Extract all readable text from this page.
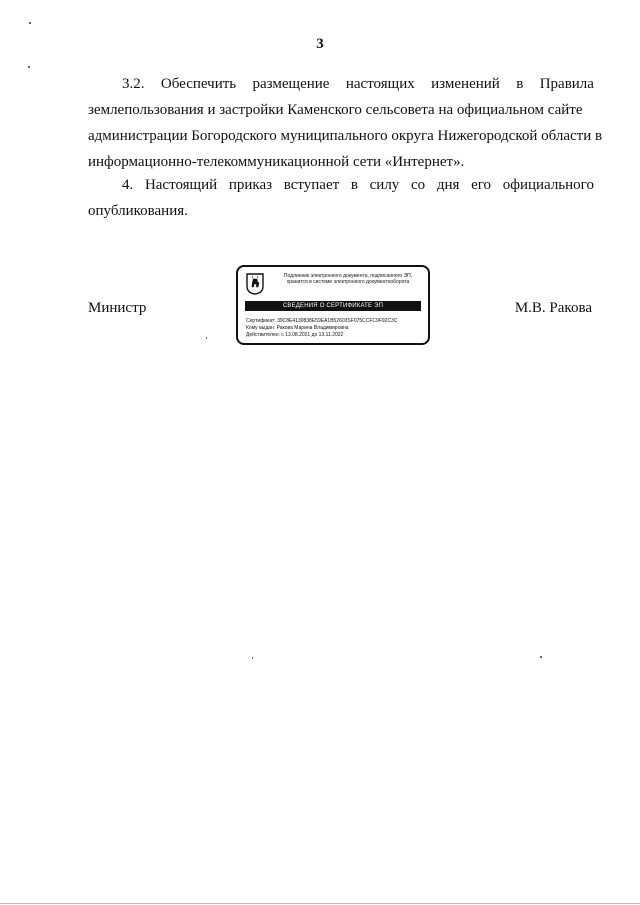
3
3.2. Обеспечить размещение настоящих изменений в Правила
землепользования и застройки Каменского сельсовета на официальном сайте
администрации Богородского муниципального округа Нижегородской области в
информационно-телекоммуникационной сети «Интернет».
4. Настоящий приказ вступает в силу со дня его официального
опубликования.
Министр
Подлинник электронного документа, подписанного ЭП,
хранится в системе электронного документооборота
СВЕДЕНИЯ О СЕРТИФИКАТЕ ЭП
Сертификат: 39C8E4130838E59EA1B52603SF075CCFC9F92C3C
Кому выдан: Ракова Марина Владимировна
Действителен: с 13.08.2021 до 13.11.2022
М.В. Ракова
